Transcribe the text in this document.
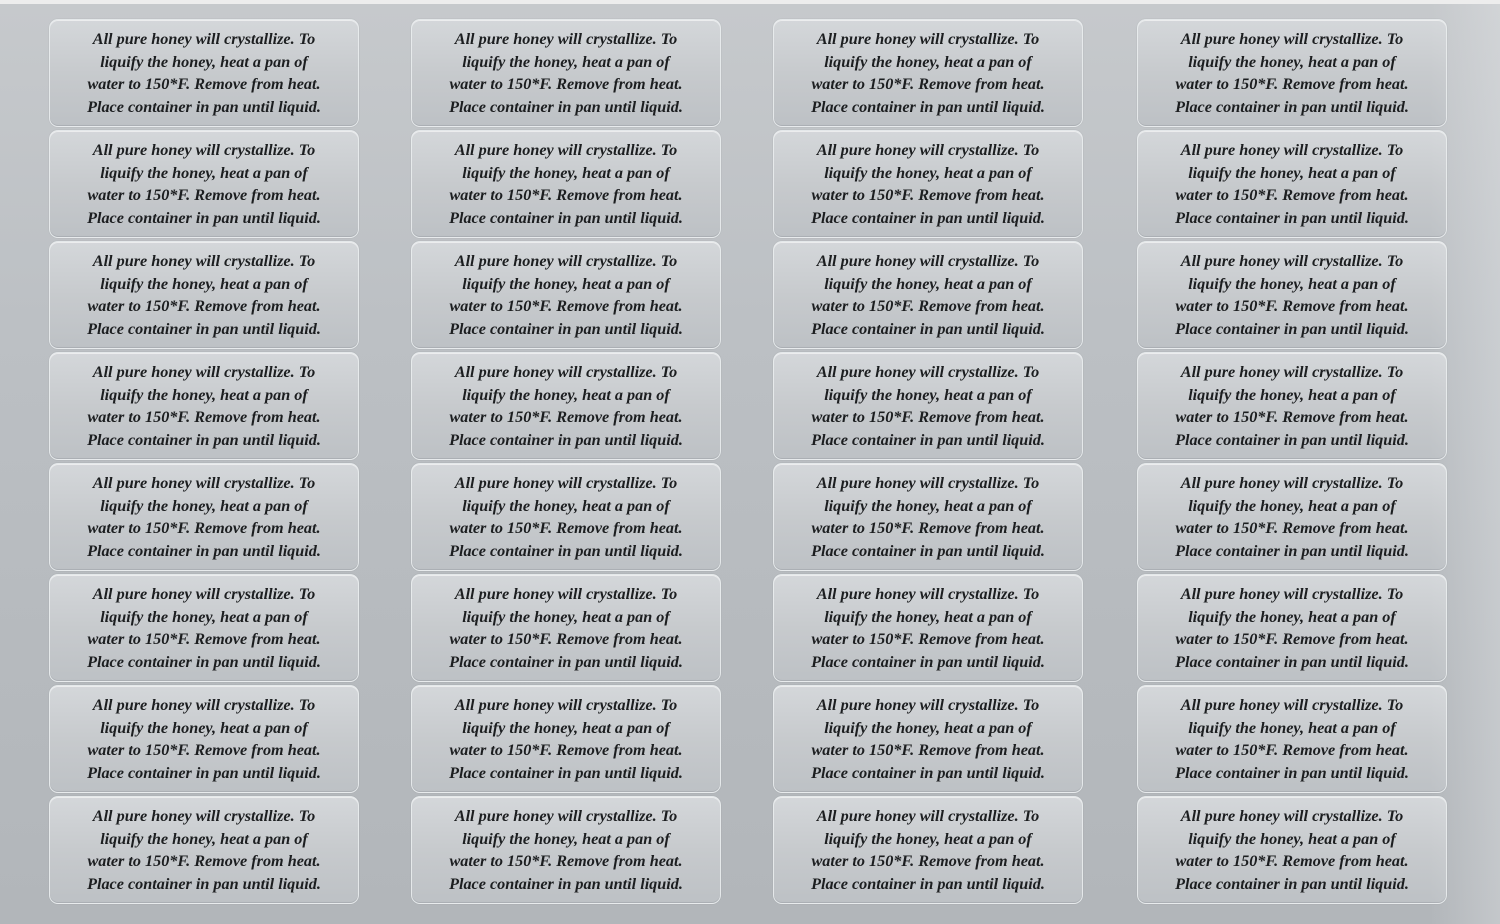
All pure honey will crystallize. To
liquify the honey, heat a pan of
water to 150*F. Remove from heat.
Place container in pan until liquid.

All pure honey will crystallize. To
liquify the honey, heat a pan of
water to 150*F. Remove from heat.
Place container in pan until liquid.

All pure honey will crystallize. To
liquify the honey, heat a pan of
water to 150*F. Remove from heat.
Place container in pan until liquid.

All pure honey will crystallize. To
liquify the honey, heat a pan of
water to 150*F. Remove from heat.
Place container in pan until liquid.

All pure honey will crystallize. To
liquify the honey, heat a pan of
water to 150*F. Remove from heat.
Place container in pan until liquid.

All pure honey will crystallize. To
liquify the honey, heat a pan of
water to 150*F. Remove from heat.
Place container in pan until liquid.

All pure honey will crystallize. To
liquify the honey, heat a pan of
water to 150*F. Remove from heat.
Place container in pan until liquid.

All pure honey will crystallize. To
liquify the honey, heat a pan of
water to 150*F. Remove from heat.
Place container in pan until liquid.

All pure honey will crystallize. To
liquify the honey, heat a pan of
water to 150*F. Remove from heat.
Place container in pan until liquid.

All pure honey will crystallize. To
liquify the honey, heat a pan of
water to 150*F. Remove from heat.
Place container in pan until liquid.

All pure honey will crystallize. To
liquify the honey, heat a pan of
water to 150*F. Remove from heat.
Place container in pan until liquid.

All pure honey will crystallize. To
liquify the honey, heat a pan of
water to 150*F. Remove from heat.
Place container in pan until liquid.

All pure honey will crystallize. To
liquify the honey, heat a pan of
water to 150*F. Remove from heat.
Place container in pan until liquid.

All pure honey will crystallize. To
liquify the honey, heat a pan of
water to 150*F. Remove from heat.
Place container in pan until liquid.

All pure honey will crystallize. To
liquify the honey, heat a pan of
water to 150*F. Remove from heat.
Place container in pan until liquid.

All pure honey will crystallize. To
liquify the honey, heat a pan of
water to 150*F. Remove from heat.
Place container in pan until liquid.

All pure honey will crystallize. To
liquify the honey, heat a pan of
water to 150*F. Remove from heat.
Place container in pan until liquid.

All pure honey will crystallize. To
liquify the honey, heat a pan of
water to 150*F. Remove from heat.
Place container in pan until liquid.

All pure honey will crystallize. To
liquify the honey, heat a pan of
water to 150*F. Remove from heat.
Place container in pan until liquid.

All pure honey will crystallize. To
liquify the honey, heat a pan of
water to 150*F. Remove from heat.
Place container in pan until liquid.

All pure honey will crystallize. To
liquify the honey, heat a pan of
water to 150*F. Remove from heat.
Place container in pan until liquid.

All pure honey will crystallize. To
liquify the honey, heat a pan of
water to 150*F. Remove from heat.
Place container in pan until liquid.

All pure honey will crystallize. To
liquify the honey, heat a pan of
water to 150*F. Remove from heat.
Place container in pan until liquid.

All pure honey will crystallize. To
liquify the honey, heat a pan of
water to 150*F. Remove from heat.
Place container in pan until liquid.

All pure honey will crystallize. To
liquify the honey, heat a pan of
water to 150*F. Remove from heat.
Place container in pan until liquid.

All pure honey will crystallize. To
liquify the honey, heat a pan of
water to 150*F. Remove from heat.
Place container in pan until liquid.

All pure honey will crystallize. To
liquify the honey, heat a pan of
water to 150*F. Remove from heat.
Place container in pan until liquid.

All pure honey will crystallize. To
liquify the honey, heat a pan of
water to 150*F. Remove from heat.
Place container in pan until liquid.

All pure honey will crystallize. To
liquify the honey, heat a pan of
water to 150*F. Remove from heat.
Place container in pan until liquid.

All pure honey will crystallize. To
liquify the honey, heat a pan of
water to 150*F. Remove from heat.
Place container in pan until liquid.

All pure honey will crystallize. To
liquify the honey, heat a pan of
water to 150*F. Remove from heat.
Place container in pan until liquid.

All pure honey will crystallize. To
liquify the honey, heat a pan of
water to 150*F. Remove from heat.
Place container in pan until liquid.
